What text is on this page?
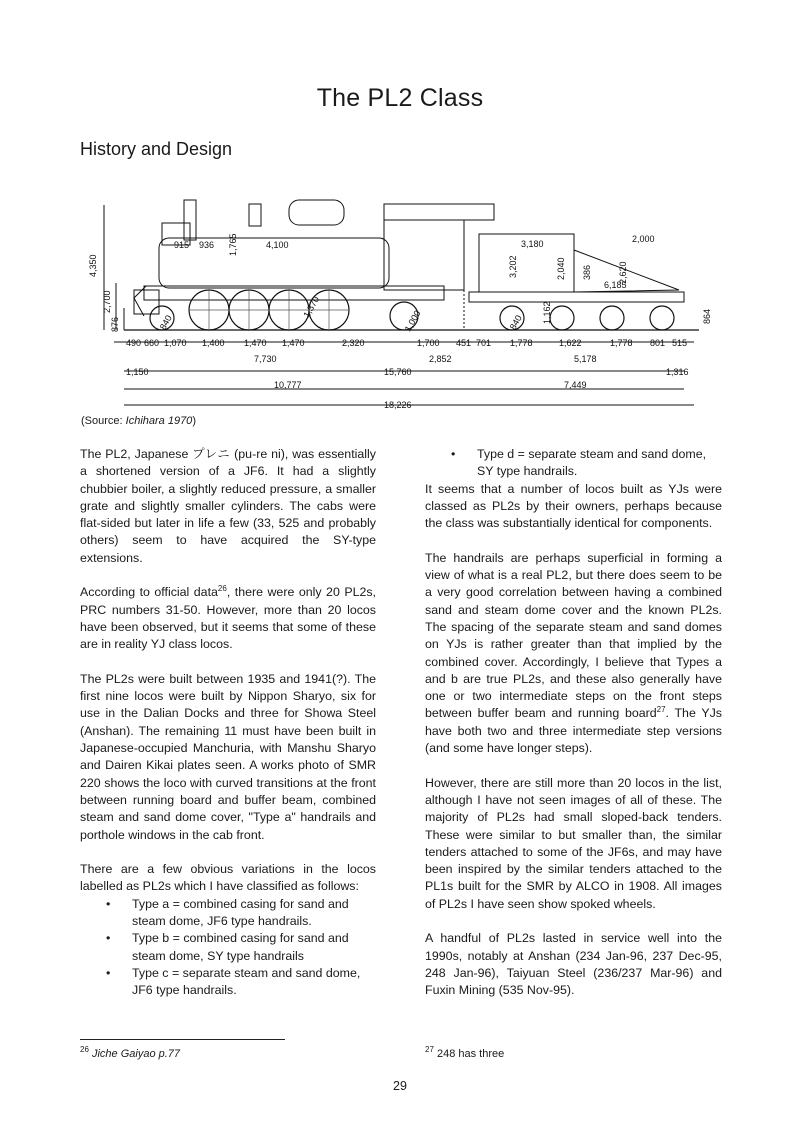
The PL2 Class
History and Design
4,350
2,700
876
915 936	4,100
1,765	3,180
3,202	2,040 386
2,000
2,620
6,185
840
1,370
1,000	840 1,162	864
490 660 1,070 1,400 1,470 1,470	2,320	1,700 451 701 1,778	1,622	1,778 801 515
7,730	2,852	5,178
1,150	15,760	1,316
10,777	7,449
18,226
(Source: Ichihara 1970)

The PL2, Japanese プレニ (pu-re ni), was essentially a shortened version of a JF6. It had a slightly chubbier boiler, a slightly reduced pressure, a smaller grate and slightly smaller cylinders. The cabs were flat-sided but later in life a few (33, 525 and probably others) seem to have acquired the SY-type extensions.

According to official data$^{26}$, there were only 20 PL2s, PRC numbers 31-50. However, more than 20 locos have been observed, but it seems that some of these are in reality YJ class locos.

The PL2s were built between 1935 and 1941(?). The first nine locos were built by Nippon Sharyo, six for use in the Dalian Docks and three for Showa Steel (Anshan). The remaining 11 must have been built in Japanese-occupied Manchuria, with Manshu Sharyo and Dairen Kikai plates seen. A works photo of SMR 220 shows the loco with curved transitions at the front between running board and buffer beam, combined steam and sand dome cover, "Type a" handrails and porthole windows in the cab front.

There are a few obvious variations in the locos labelled as PL2s which I have classified as follows:

• Type a = combined casing for sand and steam dome, JF6 type handrails.
• Type b = combined casing for sand and steam dome, SY type handrails
• Type c = separate steam and sand dome, JF6 type handrails.
• Type d = separate steam and sand dome, SY type handrails.

It seems that a number of locos built as YJs were classed as PL2s by their owners, perhaps because the class was substantially identical for components.

The handrails are perhaps superficial in forming a view of what is a real PL2, but there does seem to be a very good correlation between having a combined sand and steam dome cover and the known PL2s. The spacing of the separate steam and sand domes on YJs is rather greater than that implied by the combined cover. Accordingly, I believe that Types a and b are true PL2s, and these also generally have one or two intermediate steps on the front steps between buffer beam and running board$^{27}$. The YJs have both two and three intermediate step versions (and some have longer steps).

However, there are still more than 20 locos in the list, although I have not seen images of all of these. The majority of PL2s had small sloped-back tenders. These were similar to but smaller than, the similar tenders attached to some of the JF6s, and may have been inspired by the similar tenders attached to the PL1s built for the SMR by ALCO in 1908. All images of PL2s I have seen show spoked wheels.

A handful of PL2s lasted in service well into the 1990s, notably at Anshan (234 Jan-96, 237 Dec-95, 248 Jan-96), Taiyuan Steel (236/237 Mar-96) and Fuxin Mining (535 Nov-95).

$^{26}$ Jiche Gaiyao p.77	$^{27}$ 248 has three
29
